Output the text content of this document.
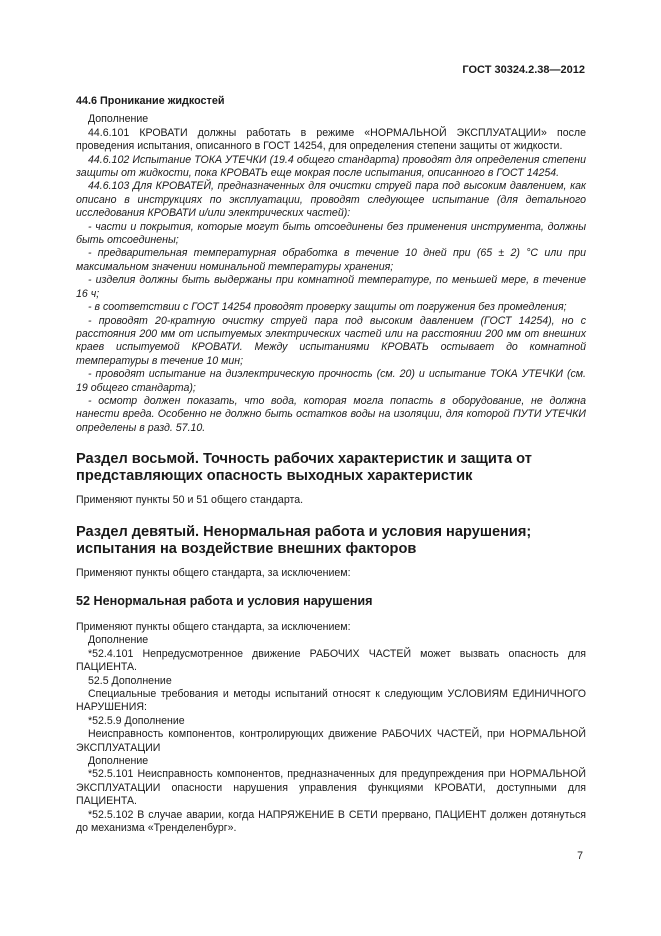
ГОСТ 30324.2.38—2012

44.6 Проникание жидкостей

Дополнение

44.6.101 КРОВАТИ должны работать в режиме «НОРМАЛЬНОЙ ЭКСПЛУАТАЦИИ» после проведения испытания, описанного в ГОСТ 14254, для определения степени защиты от жидкости.

44.6.102 Испытание ТОКА УТЕЧКИ (19.4 общего стандарта) проводят для определения степени защиты от жидкости, пока КРОВАТЬ еще мокрая после испытания, описанного в ГОСТ 14254.

44.6.103 Для КРОВАТЕЙ, предназначенных для очистки струей пара под высоким давлением, как описано в инструкциях по эксплуатации, проводят следующее испытание (для детального исследования КРОВАТИ и/или электрических частей):

- части и покрытия, которые могут быть отсоединены без применения инструмента, должны быть отсоединены;

- предварительная температурная обработка в течение 10 дней при (65 ± 2) °С или при максимальном значении номинальной температуры хранения;

- изделия должны быть выдержаны при комнатной температуре, по меньшей мере, в течение 16 ч;

- в соответствии с ГОСТ 14254 проводят проверку защиты от погружения без промедления;

- проводят 20-кратную очистку струей пара под высоким давлением (ГОСТ 14254), но с расстояния 200 мм от испытуемых электрических частей или на расстоянии 200 мм от внешних краев испытуемой КРОВАТИ. Между испытаниями КРОВАТЬ остывает до комнатной температуры в течение 10 мин;

- проводят испытание на диэлектрическую прочность (см. 20) и испытание ТОКА УТЕЧКИ (см. 19 общего стандарта);

- осмотр должен показать, что вода, которая могла попасть в оборудование, не должна нанести вреда. Особенно не должно быть остатков воды на изоляции, для которой ПУТИ УТЕЧКИ определены в разд. 57.10.

Раздел восьмой. Точность рабочих характеристик и защита от представляющих опасность выходных характеристик

Применяют пункты 50 и 51 общего стандарта.

Раздел девятый. Ненормальная работа и условия нарушения; испытания на воздействие внешних факторов

Применяют пункты общего стандарта, за исключением:

52 Ненормальная работа и условия нарушения

Применяют пункты общего стандарта, за исключением:

Дополнение

*52.4.101 Непредусмотренное движение РАБОЧИХ ЧАСТЕЙ может вызвать опасность для ПАЦИЕНТА.

52.5 Дополнение

Специальные требования и методы испытаний относят к следующим УСЛОВИЯМ ЕДИНИЧНОГО НАРУШЕНИЯ:

*52.5.9 Дополнение

Неисправность компонентов, контролирующих движение РАБОЧИХ ЧАСТЕЙ, при НОРМАЛЬНОЙ ЭКСПЛУАТАЦИИ

Дополнение

*52.5.101 Неисправность компонентов, предназначенных для предупреждения при НОРМАЛЬНОЙ ЭКСПЛУАТАЦИИ опасности нарушения управления функциями КРОВАТИ, доступными для ПАЦИЕНТА.

*52.5.102 В случае аварии, когда НАПРЯЖЕНИЕ В СЕТИ прервано, ПАЦИЕНТ должен дотянуться до механизма «Тренделенбург».

7
